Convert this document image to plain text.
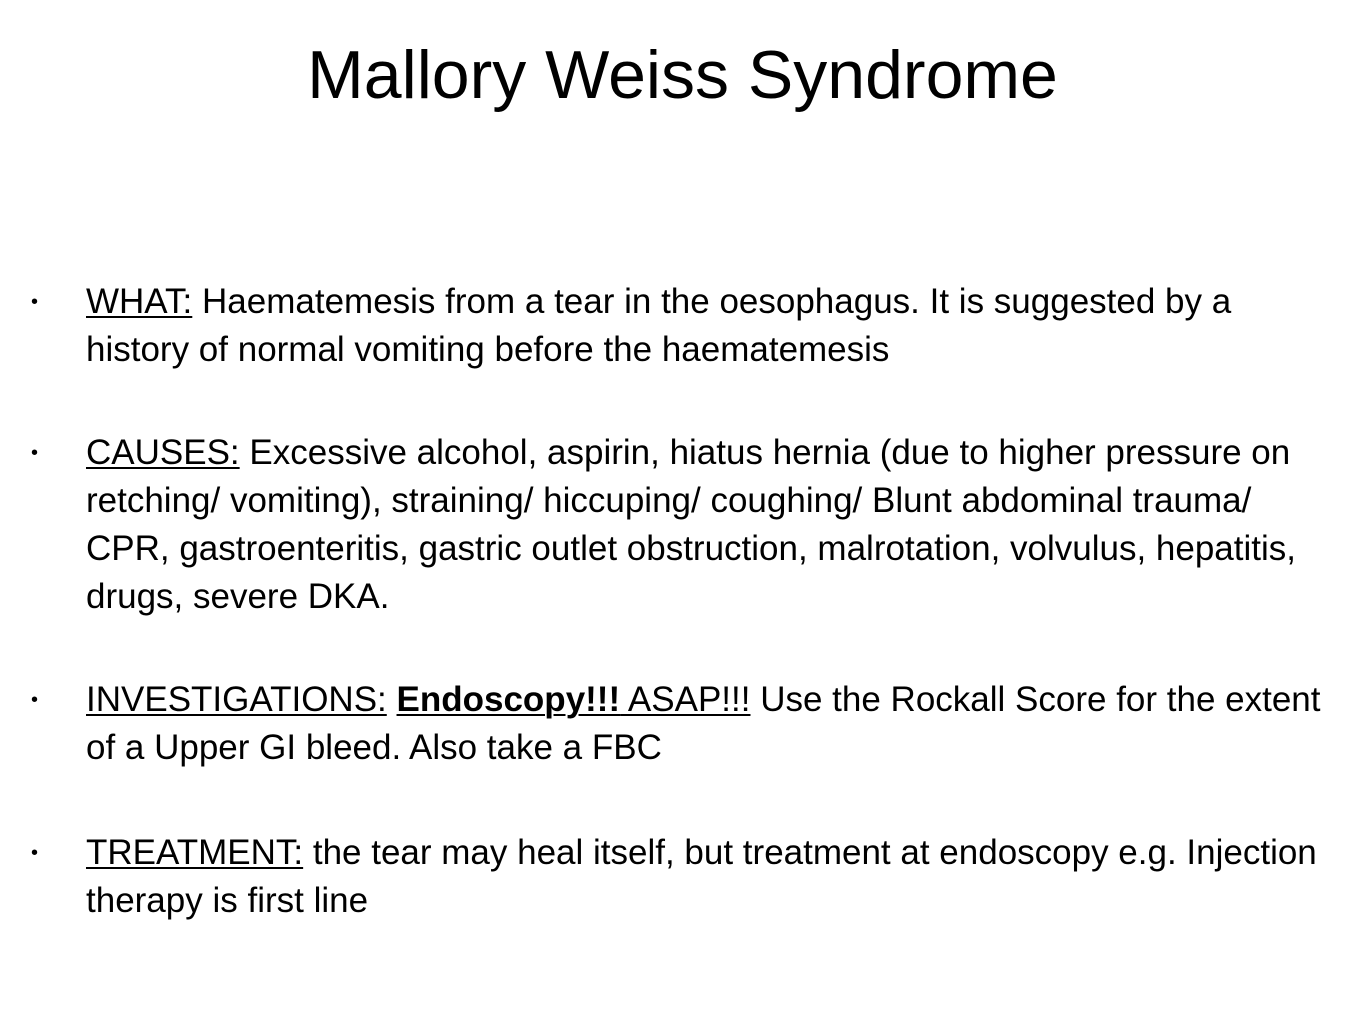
Mallory Weiss Syndrome
• WHAT: Haematemesis from a tear in the oesophagus. It is suggested by a history of normal vomiting before the haematemesis

• CAUSES: Excessive alcohol, aspirin, hiatus hernia (due to higher pressure on retching/ vomiting), straining/ hiccuping/ coughing/ Blunt abdominal trauma/ CPR, gastroenteritis, gastric outlet obstruction, malrotation, volvulus, hepatitis, drugs, severe DKA.

• INVESTIGATIONS: Endoscopy!!! ASAP!!! Use the Rockall Score for the extent of a Upper GI bleed. Also take a FBC

• TREATMENT: the tear may heal itself, but treatment at endoscopy e.g. Injection therapy is first line
